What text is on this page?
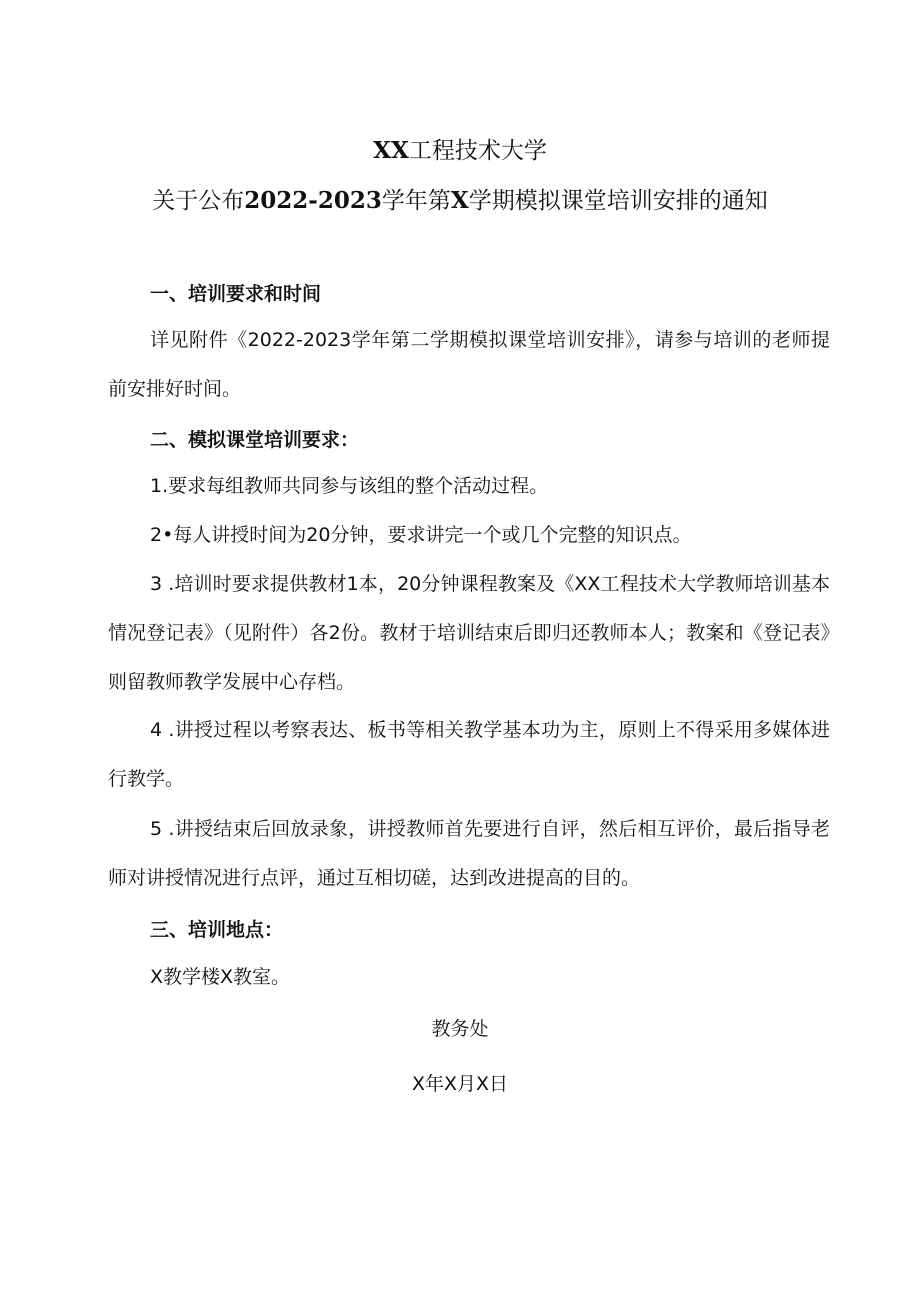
XX工程技术大学
关于公布2022-2023学年第X学期模拟课堂培训安排的通知
一、培训要求和时间
详见附件《2022-2023学年第二学期模拟课堂培训安排》，请参与培训的老师提前安排好时间。
二、模拟课堂培训要求：
1.要求每组教师共同参与该组的整个活动过程。
2•每人讲授时间为20分钟，要求讲完一个或几个完整的知识点。
3 .培训时要求提供教材1本，20分钟课程教案及《XX工程技术大学教师培训基本情况登记表》（见附件）各2份。教材于培训结束后即归还教师本人；教案和《登记表》则留教师教学发展中心存档。
4 .讲授过程以考察表达、板书等相关教学基本功为主，原则上不得采用多媒体进行教学。
5 .讲授结束后回放录象，讲授教师首先要进行自评，然后相互评价，最后指导老师对讲授情况进行点评，通过互相切磋，达到改进提高的目的。
三、培训地点：
X教学楼X教室。
教务处
X年X月X日
